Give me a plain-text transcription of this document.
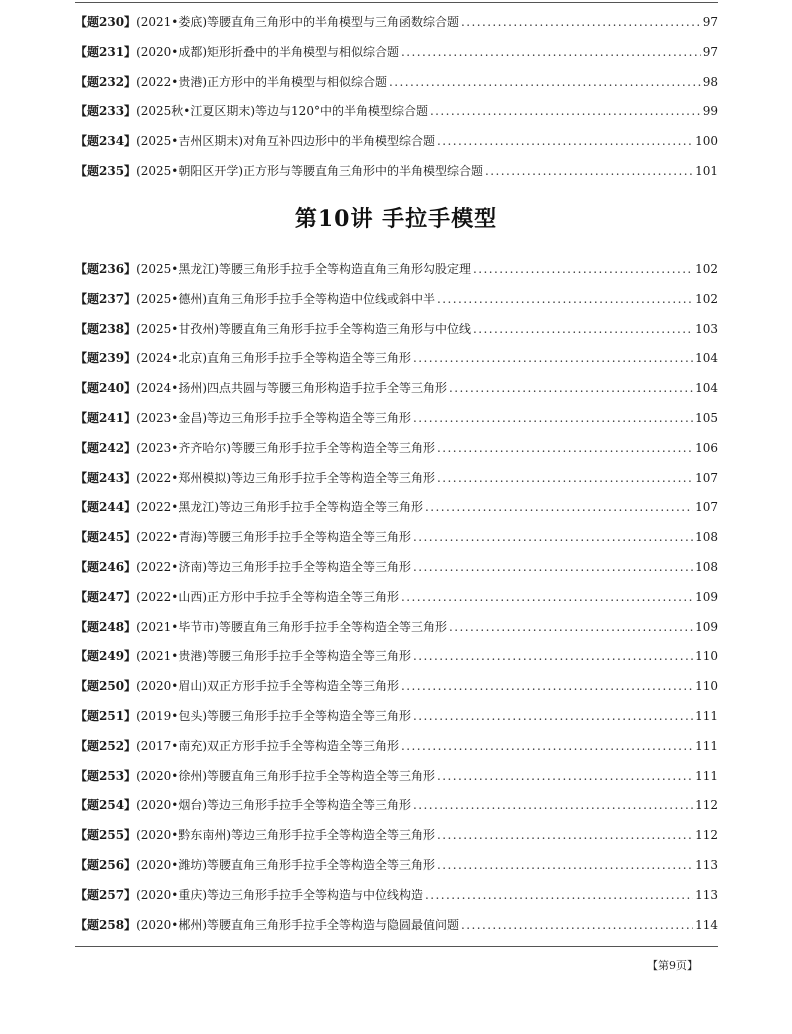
【题230】 (2021•娄底)等腰直角三角形中的半角模型与三角函数综合题 . . .	97
【题231】 (2020•成都)矩形折叠中的半角模型与相似综合题 . . .	97
【题232】 (2022•贵港)正方形中的半角模型与相似综合题 . . .	98
【题233】 (2025秋•江夏区期末)等边与120°中的半角模型综合题 . . .	99
【题234】 (2025•吉州区期末)对角互补四边形中的半角模型综合题 . . .	100
【题235】 (2025•朝阳区开学)正方形与等腰直角三角形中的半角模型综合题 . . .	101
第10讲 手拉手模型
【题236】 (2025•黑龙江)等腰三角形手拉手全等构造直角三角形勾股定理 . . .	102
【题237】 (2025•德州)直角三角形手拉手全等构造中位线或斜中半 . . .	102
【题238】 (2025•甘孜州)等腰直角三角形手拉手全等构造三角形与中位线 . . .	103
【题239】 (2024•北京)直角三角形手拉手全等构造全等三角形 . . .	104
【题240】 (2024•扬州)四点共圆与等腰三角形构造手拉手全等三角形 . . .	104
【题241】 (2023•金昌)等边三角形手拉手全等构造全等三角形 . . .	105
【题242】 (2023•齐齐哈尔)等腰三角形手拉手全等构造全等三角形 . . .	106
【题243】 (2022•郑州模拟)等边三角形手拉手全等构造全等三角形 . . .	107
【题244】 (2022•黑龙江)等边三角形手拉手全等构造全等三角形 . . .	107
【题245】 (2022•青海)等腰三角形手拉手全等构造全等三角形 . . .	108
【题246】 (2022•济南)等边三角形手拉手全等构造全等三角形 . . .	108
【题247】 (2022•山西)正方形中手拉手全等构造全等三角形 . . .	109
【题248】 (2021•毕节市)等腰直角三角形手拉手全等构造全等三角形 . . .	109
【题249】 (2021•贵港)等腰三角形手拉手全等构造全等三角形 . . .	110
【题250】 (2020•眉山)双正方形手拉手全等构造全等三角形 . . .	110
【题251】 (2019•包头)等腰三角形手拉手全等构造全等三角形 . . .	111
【题252】 (2017•南充)双正方形手拉手全等构造全等三角形 . . .	111
【题253】 (2020•徐州)等腰直角三角形手拉手全等构造全等三角形 . . .	111
【题254】 (2020•烟台)等边三角形手拉手全等构造全等三角形 . . .	112
【题255】 (2020•黔东南州)等边三角形手拉手全等构造全等三角形 . . .	112
【题256】 (2020•潍坊)等腰直角三角形手拉手全等构造全等三角形 . . .	113
【题257】 (2020•重庆)等边三角形手拉手全等构造与中位线构造 . . .	113
【题258】 (2020•郴州)等腰直角三角形手拉手全等构造与隐圆最值问题 . . .	114
【第9页】
